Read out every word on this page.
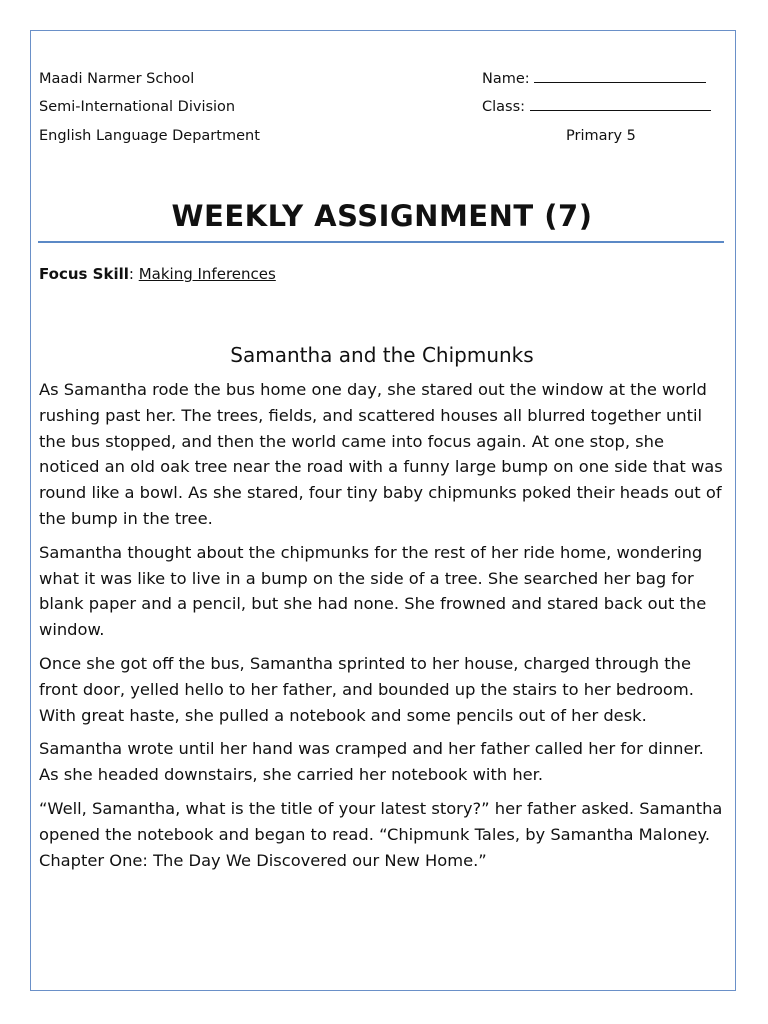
Maadi Narmer School
Semi-International Division
English Language Department
Name:
Class:
Primary 5
WEEKLY ASSIGNMENT (7)
Focus Skill: Making Inferences
Samantha and the Chipmunks

As Samantha rode the bus home one day, she stared out the window at the world rushing past her. The trees, fields, and scattered houses all blurred together until the bus stopped, and then the world came into focus again. At one stop, she noticed an old oak tree near the road with a funny large bump on one side that was round like a bowl. As she stared, four tiny baby chipmunks poked their heads out of the bump in the tree.

Samantha thought about the chipmunks for the rest of her ride home, wondering what it was like to live in a bump on the side of a tree. She searched her bag for blank paper and a pencil, but she had none. She frowned and stared back out the window.

Once she got off the bus, Samantha sprinted to her house, charged through the front door, yelled hello to her father, and bounded up the stairs to her bedroom. With great haste, she pulled a notebook and some pencils out of her desk.

Samantha wrote until her hand was cramped and her father called her for dinner. As she headed downstairs, she carried her notebook with her.

“Well, Samantha, what is the title of your latest story?” her father asked. Samantha opened the notebook and began to read. “Chipmunk Tales, by Samantha Maloney. Chapter One: The Day We Discovered our New Home.”
